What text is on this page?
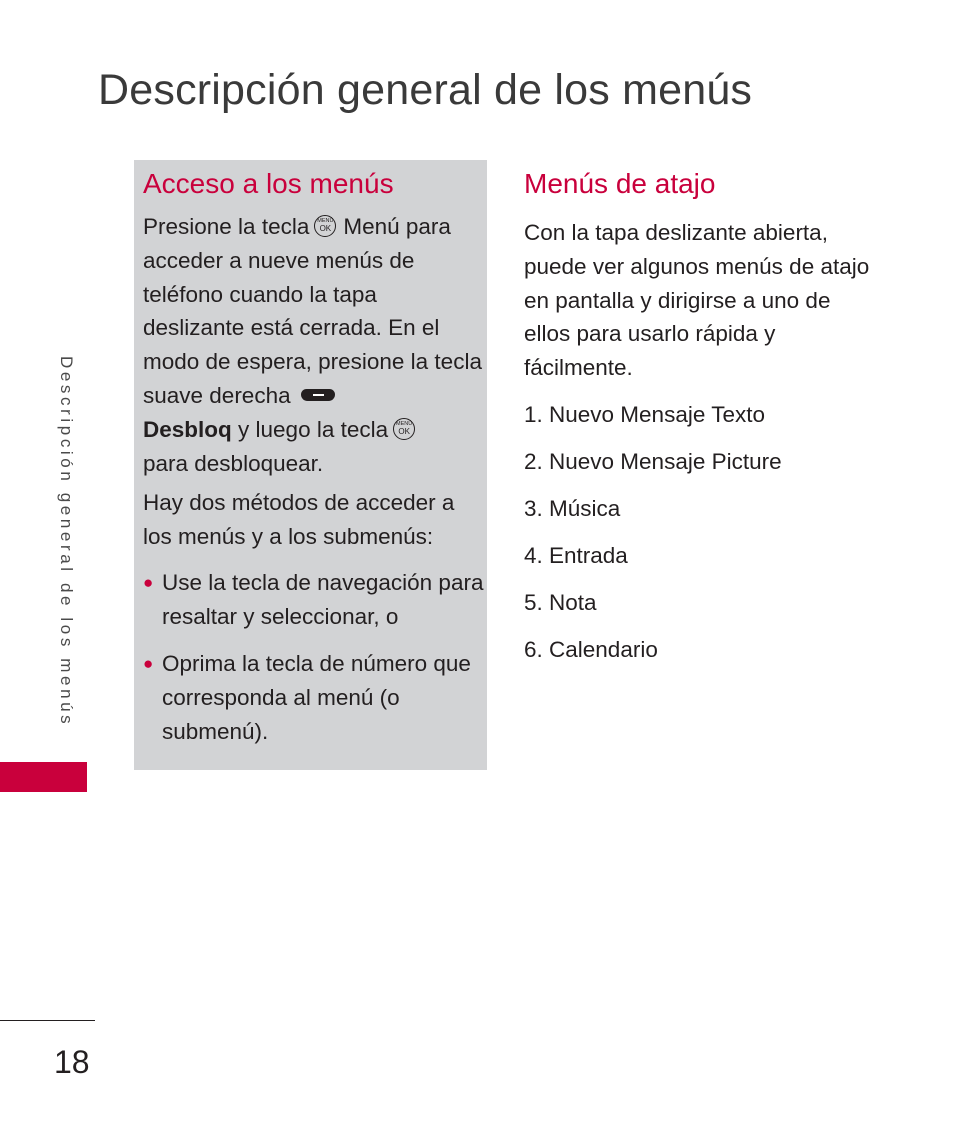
Descripción general de los menús
Descripción general de los menús
Acceso a los menús

Presione la tecla	MENÚ
OK Menú para acceder a nueve menús de teléfono cuando la tapa deslizante está cerrada. En el modo de espera, presione la tecla suave derecha
Desbloq y luego la tecla	MENÚ
OK

para desbloquear.

Hay dos métodos de acceder a los menús y a los submenús:

● Use la tecla de navegación para resaltar y seleccionar, o
● Oprima la tecla de número que corresponda al menú (o submenú).
Menús de atajo

Con la tapa deslizante abierta, puede ver algunos menús de atajo en pantalla y dirigirse a uno de ellos para usarlo rápida y fácilmente.

1. Nuevo Mensaje Texto
2. Nuevo Mensaje Picture
3. Música
4. Entrada
5. Nota
6. Calendario
18
